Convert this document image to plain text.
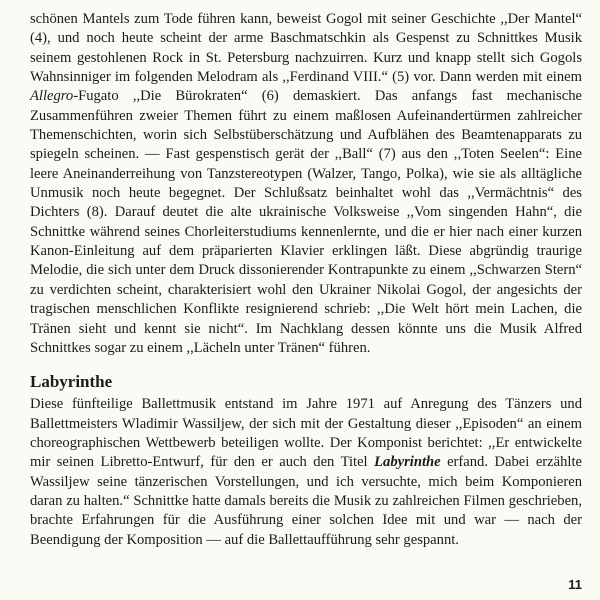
schönen Mantels zum Tode führen kann, beweist Gogol mit seiner Geschichte ,,Der Mantel“ (4), und noch heute scheint der arme Baschmatschkin als Gespenst zu Schnittkes Musik seinem gestohlenen Rock in St. Petersburg nachzuirren. Kurz und knapp stellt sich Gogols Wahnsinniger im folgenden Melodram als ,,Ferdinand VIII.“ (5) vor. Dann werden mit einem Allegro-Fugato ,,Die Bürokraten“ (6) demaskiert. Das anfangs fast mechanische Zusammenführen zweier Themen führt zu einem maßlosen Aufeinandertürmen zahlreicher Themenschichten, worin sich Selbstüberschätzung und Aufblähen des Beamtenapparats zu spiegeln scheinen. — Fast gespenstisch gerät der ,,Ball“ (7) aus den ,,Toten Seelen“: Eine leere Aneinanderreihung von Tanzstereotypen (Walzer, Tango, Polka), wie sie als alltägliche Unmusik noch heute begegnet. Der Schlußsatz beinhaltet wohl das ,,Vermächtnis“ des Dichters (8). Darauf deutet die alte ukrainische Volksweise ,,Vom singenden Hahn“, die Schnittke während seines Chorleiterstudiums kennenlernte, und die er hier nach einer kurzen Kanon-Einleitung auf dem präparierten Klavier erklingen läßt. Diese abgründig traurige Melodie, die sich unter dem Druck dissonierender Kontrapunkte zu einem ,,Schwarzen Stern“ zu verdichten scheint, charakterisiert wohl den Ukrainer Nikolai Gogol, der angesichts der tragischen menschlichen Konflikte resignierend schrieb: ,,Die Welt hört mein Lachen, die Tränen sieht und kennt sie nicht“. Im Nachklang dessen könnte uns die Musik Alfred Schnittkes sogar zu einem ,,Lächeln unter Tränen“ führen.

Labyrinthe

Diese fünfteilige Ballettmusik entstand im Jahre 1971 auf Anregung des Tänzers und Ballettmeisters Wladimir Wassiljew, der sich mit der Gestaltung dieser ,,Episoden“ an einem choreographischen Wettbewerb beteiligen wollte. Der Komponist berichtet: ,,Er entwickelte mir seinen Libretto-Entwurf, für den er auch den Titel Labyrinthe erfand. Dabei erzählte Wassiljew seine tänzerischen Vorstellungen, und ich versuchte, mich beim Komponieren daran zu halten.“ Schnittke hatte damals bereits die Musik zu zahlreichen Filmen geschrieben, brachte Erfahrungen für die Ausführung einer solchen Idee mit und war — nach der Beendigung der Komposition — auf die Ballettaufführung sehr gespannt.

11
